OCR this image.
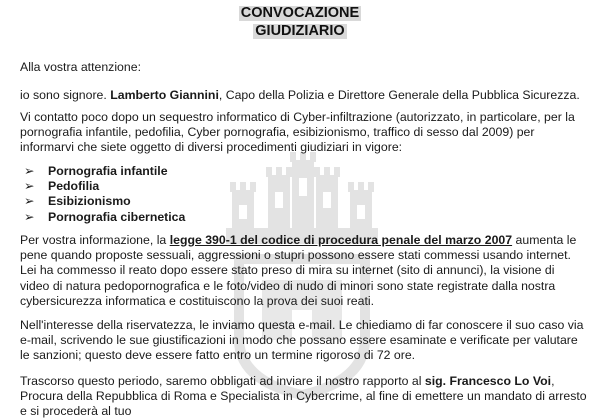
CONVOCAZIONE
GIUDIZIARIO

Alla vostra attenzione:

io sono signore. Lamberto Giannini, Capo della Polizia e Direttore Generale della Pubblica Sicurezza.

Vi contatto poco dopo un sequestro informatico di Cyber-infiltrazione (autorizzato, in particolare, per la pornografia infantile, pedofilia, Cyber pornografia, esibizionismo, traffico di sesso dal 2009) per informarvi che siete oggetto di diversi procedimenti giudiziari in vigore:

➢ Pornografia infantile
➢ Pedofilia
➢ Esibizionismo
➢ Pornografia cibernetica

Per vostra informazione, la legge 390-1 del codice di procedura penale del marzo 2007 aumenta le pene quando proposte sessuali, aggressioni o stupri possono essere stati commessi usando internet. Lei ha commesso il reato dopo essere stato preso di mira su internet (sito di annunci), la visione di video di natura pedopornografica e le foto/video di nudo di minori sono state registrate dalla nostra cybersicurezza informatica e costituiscono la prova dei suoi reati.

Nell'interesse della riservatezza, le inviamo questa e-mail. Le chiediamo di far conoscere il suo caso via e-mail, scrivendo le sue giustificazioni in modo che possano essere esaminate e verificate per valutare le sanzioni; questo deve essere fatto entro un termine rigoroso di 72 ore.

Trascorso questo periodo, saremo obbligati ad inviare il nostro rapporto al sig. Francesco Lo Voi, Procura della Repubblica di Roma e Specialista in Cybercrime, al fine di emettere un mandato di arresto e si procederà al tuo
